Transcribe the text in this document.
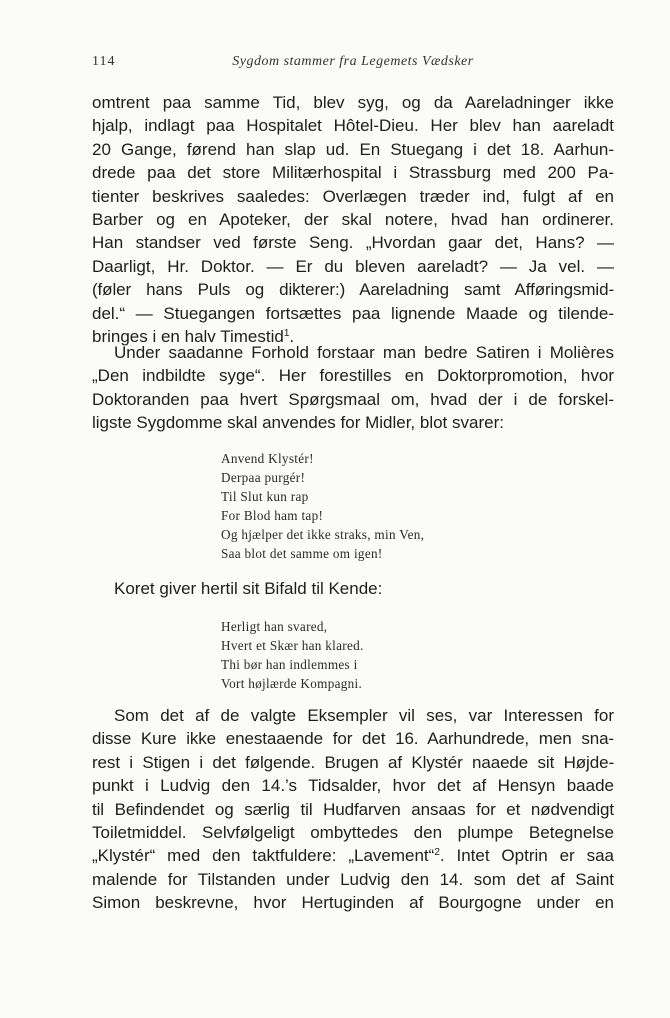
114	Sygdom stammer fra Legemets Vædsker
omtrent paa samme Tid, blev syg, og da Aareladninger ikke
hjalp, indlagt paa Hospitalet Hôtel-Dieu. Her blev han aareladt
20 Gange, førend han slap ud. En Stuegang i det 18. Aarhun-
drede paa det store Militærhospital i Strassburg med 200 Pa-
tienter beskrives saaledes: Overlægen træder ind, fulgt af en
Barber og en Apoteker, der skal notere, hvad han ordinerer.
Han standser ved første Seng. „Hvordan gaar det, Hans? —
Daarligt, Hr. Doktor. — Er du bleven aareladt? — Ja vel. —
(føler hans Puls og dikterer:) Aareladning samt Afføringsmid-
del.“ — Stuegangen fortsættes paa lignende Maade og tilende-
bringes i en halv Timestid$^1$.
Under saadanne Forhold forstaar man bedre Satiren i Molières
„Den indbildte syge“. Her forestilles en Doktorpromotion, hvor
Doktoranden paa hvert Spørgsmaal om, hvad der i de forskel-
ligste Sygdomme skal anvendes for Midler, blot svarer:
Anvend Klystér!
Derpaa purgér!
Til Slut kun rap
For Blod ham tap!
Og hjælper det ikke straks, min Ven,
Saa blot det samme om igen!
Koret giver hertil sit Bifald til Kende:
Herligt han svared,
Hvert et Skær han klared.
Thi bør han indlemmes i
Vort højlærde Kompagni.
Som det af de valgte Eksempler vil ses, var Interessen for
disse Kure ikke enestaaende for det 16. Aarhundrede, men sna-
rest i Stigen i det følgende. Brugen af Klystér naaede sit Højde-
punkt i Ludvig den 14.’s Tidsalder, hvor det af Hensyn baade
til Befindendet og særlig til Hudfarven ansaas for et nødvendigt
Toiletmiddel. Selvfølgeligt ombyttedes den plumpe Betegnelse
„Klystér“ med den taktfuldere: „Lavement“$^2$. Intet Optrin er saa
malende for Tilstanden under Ludvig den 14. som det af Saint
Simon beskrevne, hvor Hertuginden af Bourgogne under en
